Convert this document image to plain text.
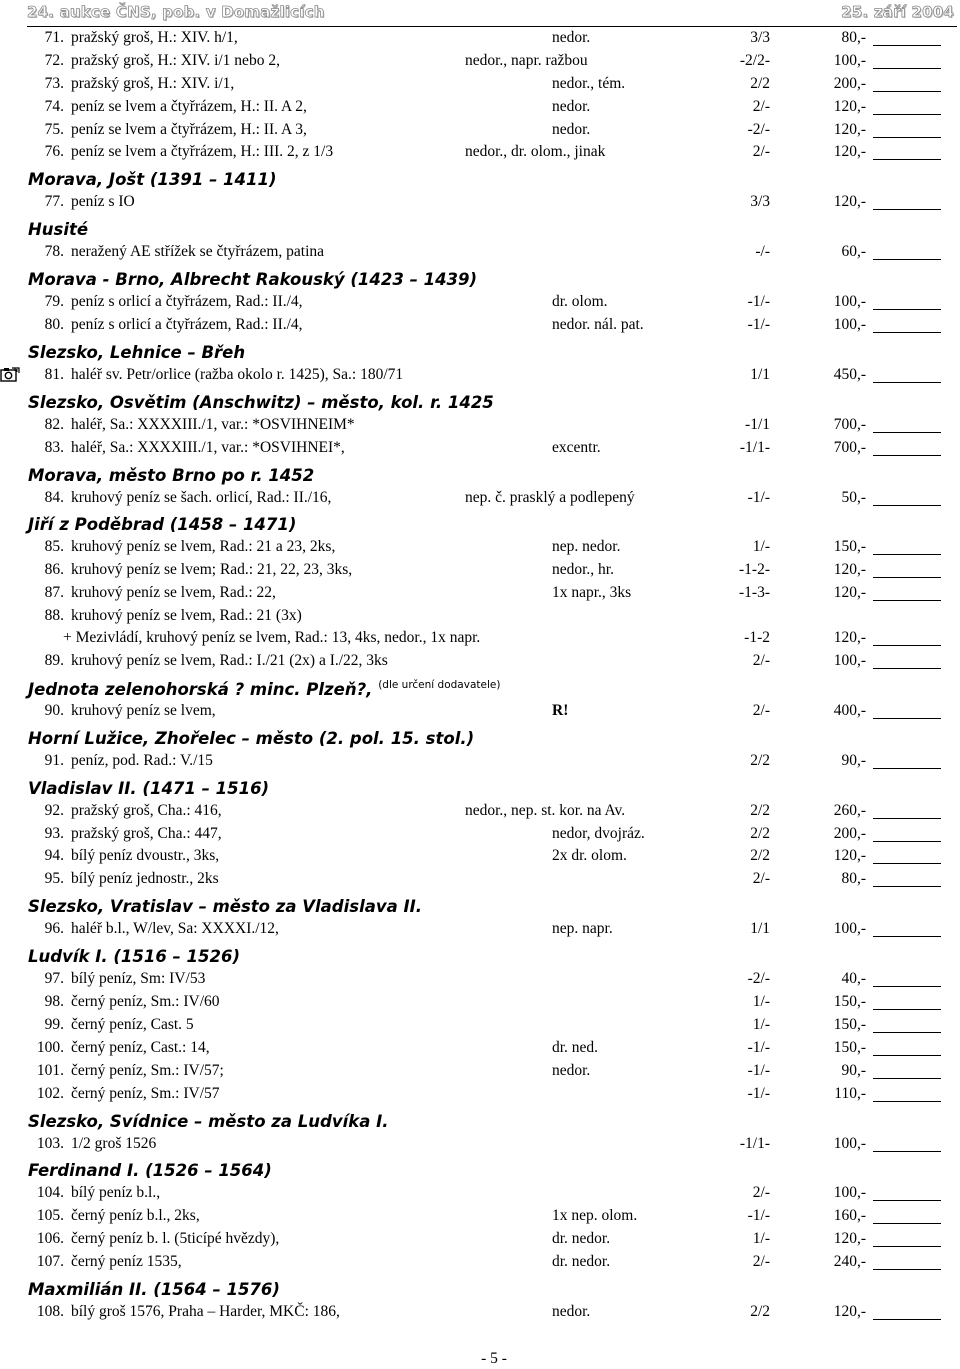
24. aukce ČNS, pob. v Domažlicích	25. září 2004
71. pražský groš, H.: XIV. h/1,	nedor.	3/3	80,-
72. pražský groš, H.: XIV. i/1 nebo 2,	nedor., napr. ražbou	-2/2-	100,-
73. pražský groš, H.: XIV. i/1,	nedor., tém.	2/2	200,-
74. peníz se lvem a čtyřrázem, H.: II. A 2,	nedor.	2/-	120,-
75. peníz se lvem a čtyřrázem, H.: II. A 3,	nedor.	-2/-	120,-
76. peníz se lvem a čtyřrázem, H.: III. 2, z 1/3	nedor., dr. olom., jinak	2/-	120,-
Morava, Jošt (1391 – 1411)
77. peníz s IO	3/3	120,-
Husité
78. neražený AE střížek se čtyřrázem, patina	-/-	60,-
Morava - Brno, Albrecht Rakouský (1423 – 1439)
79. peníz s orlicí a čtyřrázem, Rad.: II./4,	dr. olom.	-1/-	100,-
80. peníz s orlicí a čtyřrázem, Rad.: II./4,	nedor. nál. pat.	-1/-	100,-
Slezsko, Lehnice – Břeh
81. haléř sv. Petr/orlice (ražba okolo r. 1425), Sa.: 180/71	1/1	450,-
Slezsko, Osvětim (Anschwitz) – město, kol. r. 1425
82. haléř, Sa.: XXXXIII./1, var.: *OSVIHNEIM*	-1/1	700,-
83. haléř, Sa.: XXXXIII./1, var.: *OSVIHNEI*,	excentr.	-1/1-	700,-
Morava, město Brno po r. 1452
84. kruhový peníz se šach. orlicí, Rad.: II./16,	nep. č. prasklý a podlepený	-1/-	50,-
Jiří z Poděbrad (1458 – 1471)
85. kruhový peníz se lvem, Rad.: 21 a 23, 2ks,	nep. nedor.	1/-	150,-
86. kruhový peníz se lvem; Rad.: 21, 22, 23, 3ks,	nedor., hr.	-1-2-	120,-
87. kruhový peníz se lvem, Rad.: 22,	1x napr., 3ks	-1-3-	120,-
88. kruhový peníz se lvem, Rad.: 21 (3x)
+ Mezivládí, kruhový peníz se lvem, Rad.: 13, 4ks, nedor., 1x napr.	-1-2	120,-
89. kruhový peníz se lvem, Rad.: I./21 (2x) a I./22, 3ks	2/-	100,-
Jednota zelenohorská ? minc. Plzeň?, $^{(dle určení dodavatele)}$
90. kruhový peníz se lvem,	R!	2/-	400,-
Horní Lužice, Zhořelec – město (2. pol. 15. stol.)
91. peníz, pod. Rad.: V./15	2/2	90,-
Vladislav II. (1471 – 1516)
92. pražský groš, Cha.: 416,	nedor., nep. st. kor. na Av.	2/2	260,-
93. pražský groš, Cha.: 447,	nedor, dvojráz.	2/2	200,-
94. bílý peníz dvoustr., 3ks,	2x dr. olom.	2/2	120,-
95. bílý peníz jednostr., 2ks	2/-	80,-
Slezsko, Vratislav – město za Vladislava II.
96. haléř b.l., W/lev, Sa: XXXXI./12,	nep. napr.	1/1	100,-
Ludvík I. (1516 – 1526)
97. bílý peníz, Sm: IV/53	-2/-	40,-
98. černý peníz, Sm.: IV/60	1/-	150,-
99. černý peníz, Cast. 5	1/-	150,-
100. černý peníz, Cast.: 14,	dr. ned.	-1/-	150,-
101. černý peníz, Sm.: IV/57;	nedor.	-1/-	90,-
102. černý peníz, Sm.: IV/57	-1/-	110,-
Slezsko, Svídnice – město za Ludvíka I.
103. 1/2 groš 1526	-1/1-	100,-
Ferdinand I. (1526 – 1564)
104. bílý peníz b.l.,	2/-	100,-
105. černý peníz b.l., 2ks,	1x nep. olom.	-1/-	160,-
106. černý peníz b. l. (5ticípé hvězdy),	dr. nedor.	1/-	120,-
107. černý peníz 1535,	dr. nedor.	2/-	240,-
Maxmilián II. (1564 – 1576)
108. bílý groš 1576, Praha – Harder, MKČ: 186,	nedor.	2/2	120,-
- 5 -
